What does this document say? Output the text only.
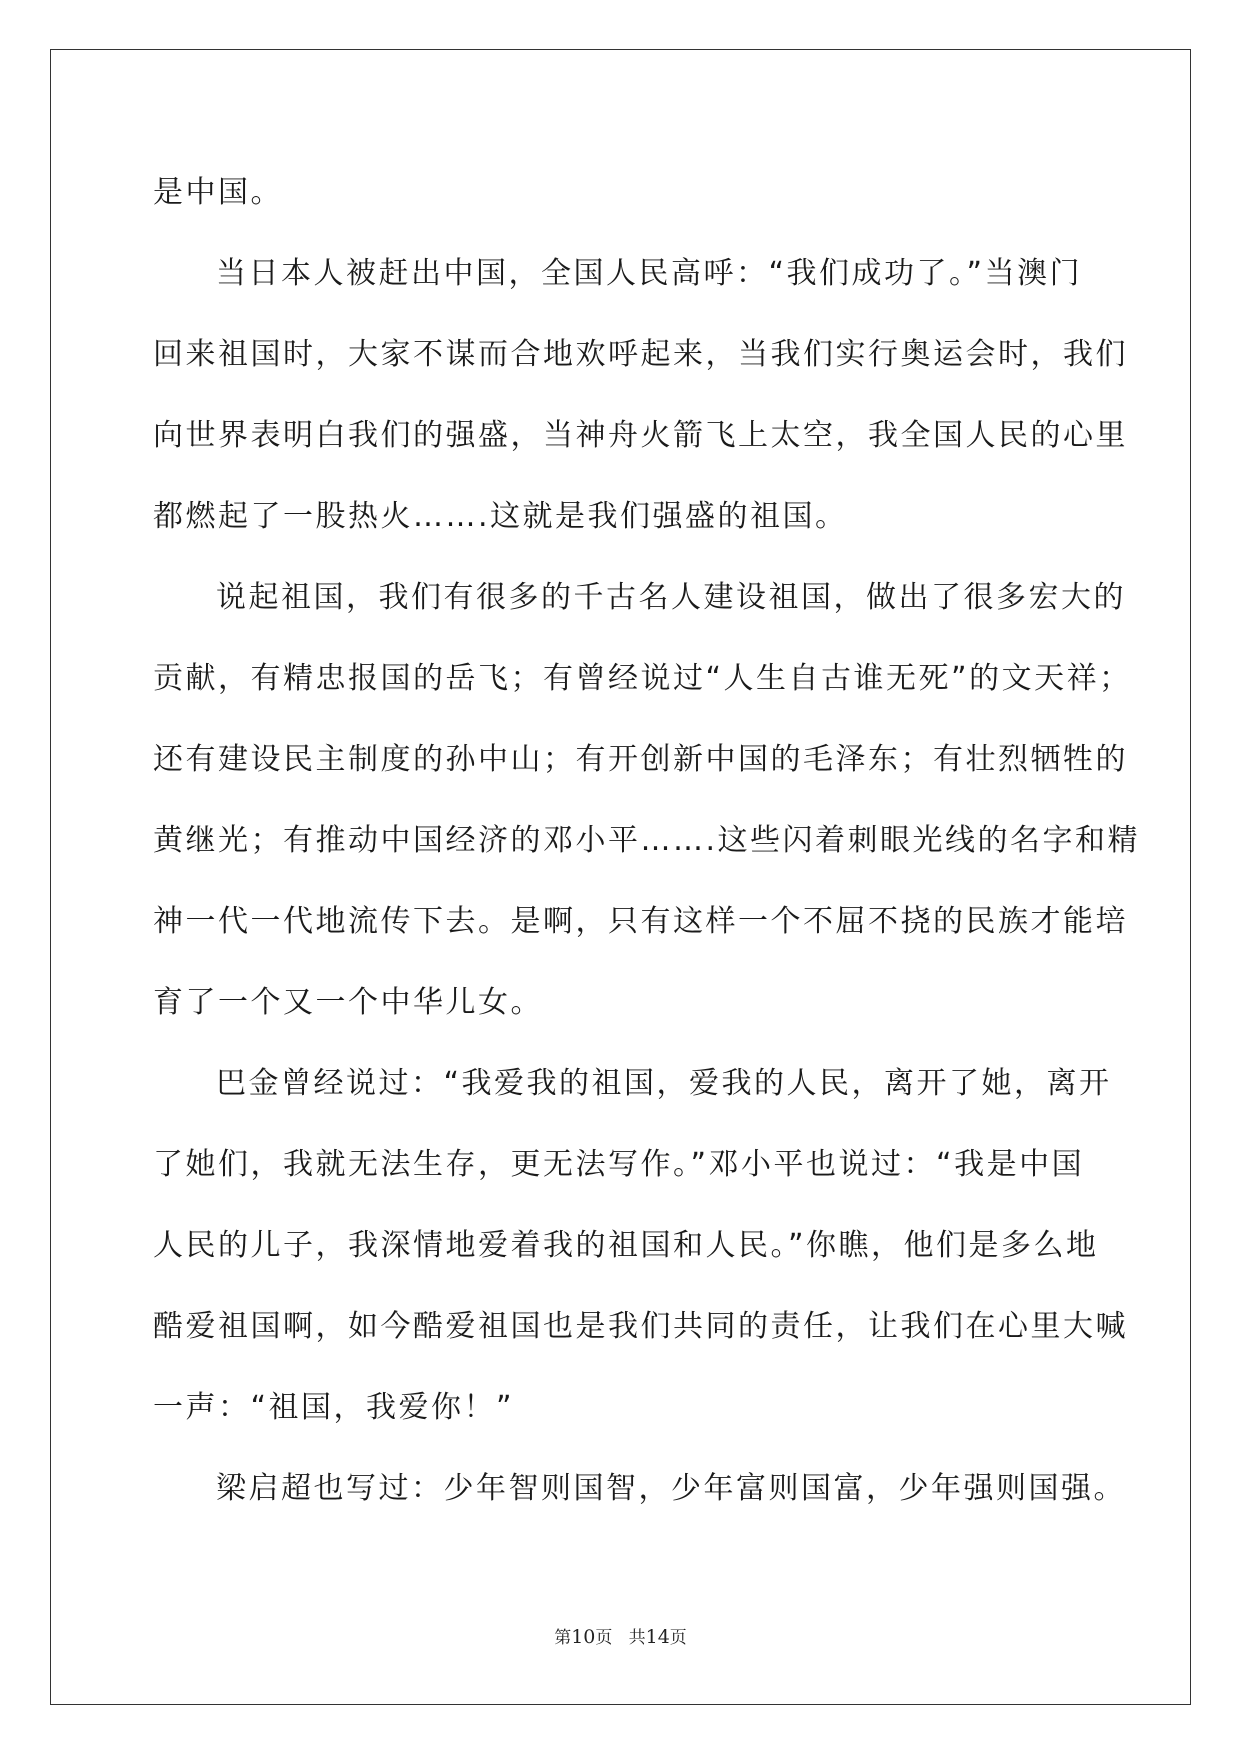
是中国。
当日本人被赶出中国，全国人民高呼：“我们成功了。”当澳门
回来祖国时，大家不谋而合地欢呼起来，当我们实行奥运会时，我们
向世界表明白我们的强盛，当神舟火箭飞上太空，我全国人民的心里
都燃起了一股热火…….这就是我们强盛的祖国。
说起祖国，我们有很多的千古名人建设祖国，做出了很多宏大的
贡献，有精忠报国的岳飞；有曾经说过“人生自古谁无死”的文天祥；
还有建设民主制度的孙中山；有开创新中国的毛泽东；有壮烈牺牲的
黄继光；有推动中国经济的邓小平…….这些闪着刺眼光线的名字和精
神一代一代地流传下去。是啊，只有这样一个不屈不挠的民族才能培
育了一个又一个中华儿女。
巴金曾经说过：“我爱我的祖国，爱我的人民，离开了她，离开
了她们，我就无法生存，更无法写作。”邓小平也说过：“我是中国
人民的儿子，我深情地爱着我的祖国和人民。”你瞧，他们是多么地
酷爱祖国啊，如今酷爱祖国也是我们共同的责任，让我们在心里大喊
一声：“祖国，我爱你！”
梁启超也写过：少年智则国智，少年富则国富，少年强则国强。
第10页 共14页
